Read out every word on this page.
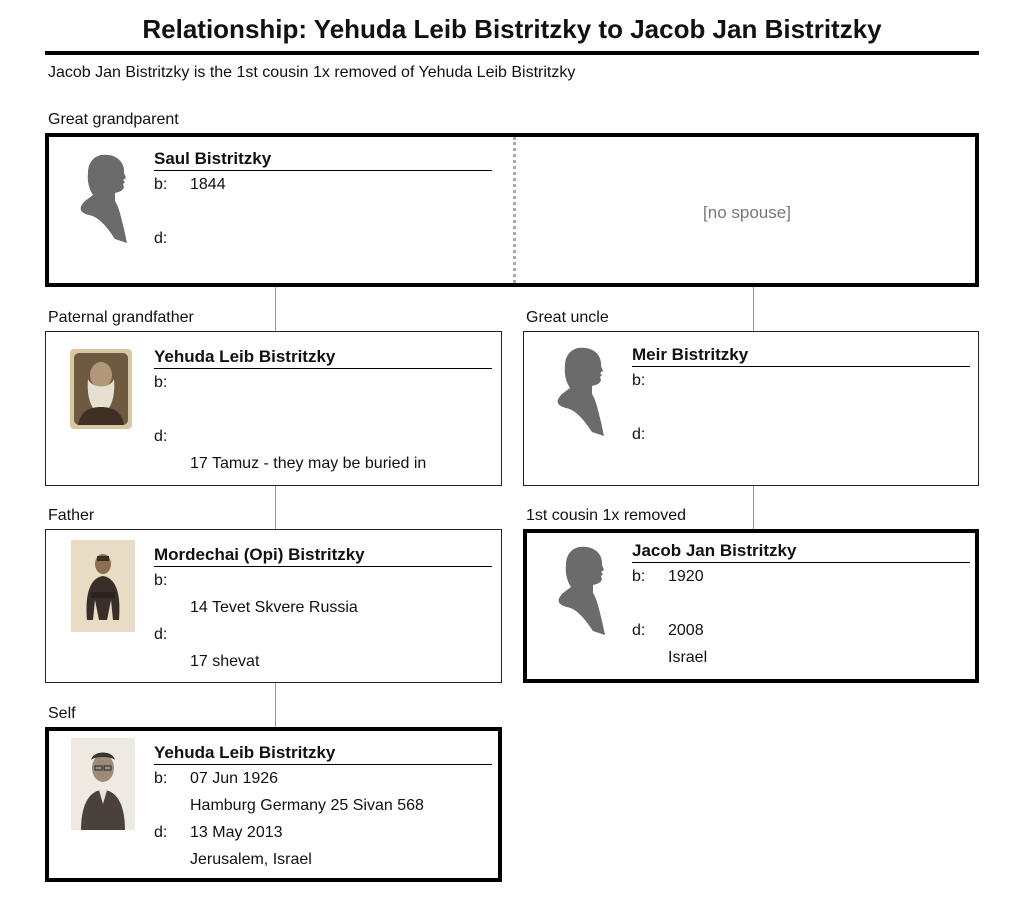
Relationship: Yehuda Leib Bistritzky to Jacob Jan Bistritzky
Jacob Jan Bistritzky is the 1st cousin 1x removed of Yehuda Leib Bistritzky
Great grandparent
Saul Bistritzky
b: 1844
d:
[no spouse]
Paternal grandfather
Yehuda Leib Bistritzky
b:
d:
17 Tamuz - they may be buried in
Great uncle
Meir Bistritzky
b:
d:
Father
Mordechai (Opi) Bistritzky
b:
14 Tevet Skvere Russia
d:
17 shevat
1st cousin 1x removed
Jacob Jan Bistritzky
b: 1920
d: 2008
Israel
Self
Yehuda Leib Bistritzky
b: 07 Jun 1926
Hamburg Germany 25 Sivan 568
d: 13 May 2013
Jerusalem, Israel
